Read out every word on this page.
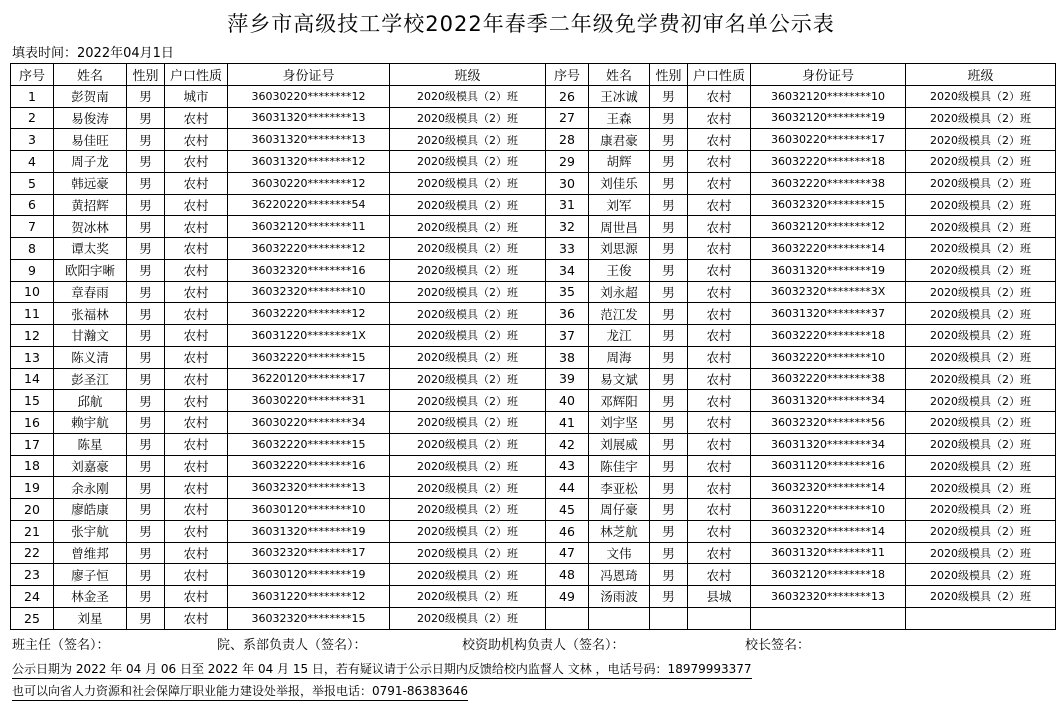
萍乡市高级技工学校2022年春季二年级免学费初审名单公示表
填表时间：2022年04月1日
序号	姓名	性别	户口性质	身份证号	班级	序号	姓名	性别	户口性质	身份证号	班级
1	彭贺南	男	城市	36030220********12	2020级模具（2）班	26	王冰诚	男	农村	36032120********10	2020级模具（2）班
2	易俊涛	男	农村	36031320********13	2020级模具（2）班	27	王森	男	农村	36032120********19	2020级模具（2）班
3	易佳旺	男	农村	36031320********13	2020级模具（2）班	28	康君豪	男	农村	36030220********17	2020级模具（2）班
4	周子龙	男	农村	36031320********12	2020级模具（2）班	29	胡辉	男	农村	36032220********18	2020级模具（2）班
5	韩远豪	男	农村	36030220********12	2020级模具（2）班	30	刘佳乐	男	农村	36032220********38	2020级模具（2）班
6	黄招辉	男	农村	36220220********54	2020级模具（2）班	31	刘军	男	农村	36032320********15	2020级模具（2）班
7	贺冰林	男	农村	36032120********11	2020级模具（2）班	32	周世昌	男	农村	36032120********12	2020级模具（2）班
8	谭太奖	男	农村	36032220********12	2020级模具（2）班	33	刘思源	男	农村	36032220********14	2020级模具（2）班
9	欧阳宇晰	男	农村	36032320********16	2020级模具（2）班	34	王俊	男	农村	36031320********19	2020级模具（2）班
10	章春雨	男	农村	36032320********10	2020级模具（2）班	35	刘永超	男	农村	36032320********3X	2020级模具（2）班
11	张福林	男	农村	36032220********12	2020级模具（2）班	36	范江发	男	农村	36031320********37	2020级模具（2）班
12	甘瀚文	男	农村	36031220********1X	2020级模具（2）班	37	龙江	男	农村	36032220********18	2020级模具（2）班
13	陈义清	男	农村	36032220********15	2020级模具（2）班	38	周海	男	农村	36032220********10	2020级模具（2）班
14	彭圣江	男	农村	36220120********17	2020级模具（2）班	39	易文斌	男	农村	36032220********38	2020级模具（2）班
15	邱航	男	农村	36030220********31	2020级模具（2）班	40	邓辉阳	男	农村	36031320********34	2020级模具（2）班
16	赖宇航	男	农村	36030220********34	2020级模具（2）班	41	刘宇坚	男	农村	36032320********56	2020级模具（2）班
17	陈星	男	农村	36032220********15	2020级模具（2）班	42	刘展威	男	农村	36031320********34	2020级模具（2）班
18	刘嘉豪	男	农村	36032220********16	2020级模具（2）班	43	陈佳宇	男	农村	36031120********16	2020级模具（2）班
19	余永刚	男	农村	36032320********13	2020级模具（2）班	44	李亚松	男	农村	36032320********14	2020级模具（2）班
20	廖皓康	男	农村	36030120********10	2020级模具（2）班	45	周仔豪	男	农村	36031220********10	2020级模具（2）班
21	张宇航	男	农村	36031320********19	2020级模具（2）班	46	林芝航	男	农村	36032320********14	2020级模具（2）班
22	曾维邦	男	农村	36032320********17	2020级模具（2）班	47	文伟	男	农村	36031320********11	2020级模具（2）班
23	廖子恒	男	农村	36030120********19	2020级模具（2）班	48	冯恩琦	男	农村	36032120********18	2020级模具（2）班
24	林金圣	男	农村	36031220********12	2020级模具（2）班	49	汤雨波	男	县城	36032320********13	2020级模具（2）班
25	刘星	男	农村	36032320********15	2020级模具（2）班						
班主任（签名）：	院、系部负责人（签名）：	校资助机构负责人（签名）：	校长签名：
公示日期为 2022 年 04 月 06 日至 2022 年 04 月 15 日，若有疑议请于公示日期内反馈给校内监督人 文林 ，电话号码：18979993377
也可以向省人力资源和社会保障厅职业能力建设处举报，举报电话：0791-86383646
